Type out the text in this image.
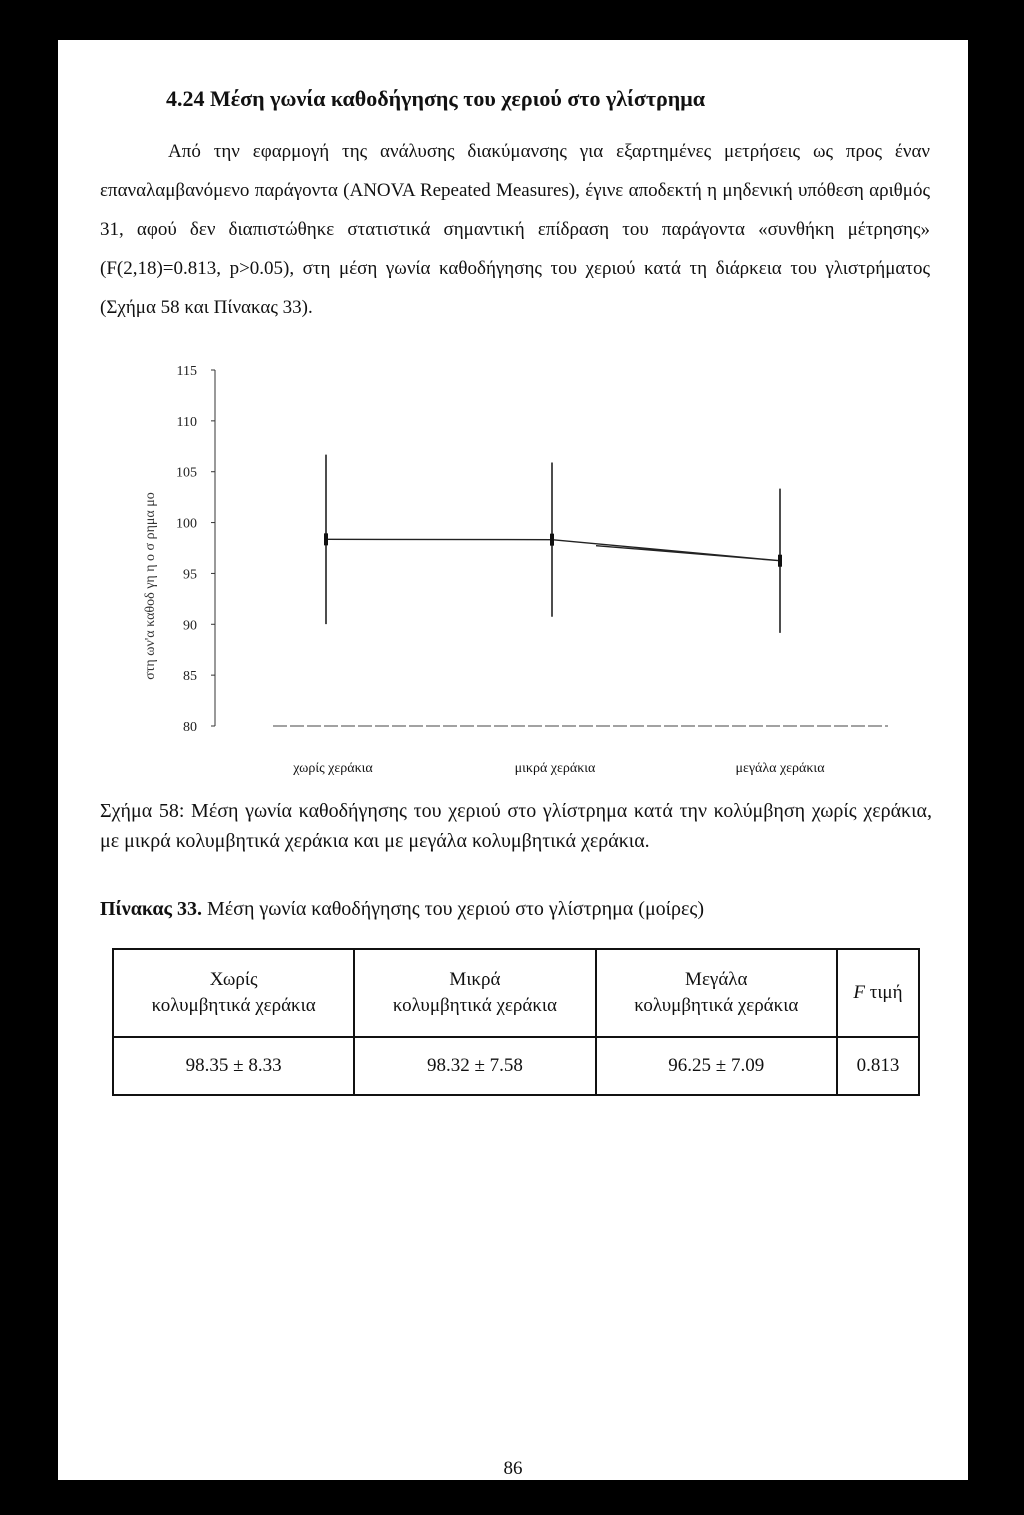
4.24 Μέση γωνία καθοδήγησης του χεριού στο γλίστρημα

Από την εφαρμογή της ανάλυσης διακύμανσης για εξαρτημένες μετρήσεις ως προς έναν επαναλαμβανόμενο παράγοντα (ANOVA Repeated Measures), έγινε αποδεκτή η μηδενική υπόθεση αριθμός 31, αφού δεν διαπιστώθηκε στατιστικά σημαντική επίδραση του παράγοντα «συνθήκη μέτρησης» (F(2,18)=0.813, p>0.05), στη μέση γωνία καθοδήγησης του χεριού κατά τη διάρκεια του γλιστρήματος (Σχήμα 58 και Πίνακας 33).

115
110
105
100
95
90
85
80
στη ων'α καθοδ γη η ο σ ρημα μο
χωρίς χεράκια	μικρά χεράκια	μεγάλα χεράκια
Σχήμα 58: Μέση γωνία καθοδήγησης του χεριού στο γλίστρημα κατά την κολύμβηση χωρίς χεράκια, με μικρά κολυμβητικά χεράκια και με μεγάλα κολυμβητικά χεράκια.
Πίνακας 33. Μέση γωνία καθοδήγησης του χεριού στο γλίστρημα (μοίρες)
Χωρίς
κολυμβητικά χεράκια	Μικρά
κολυμβητικά χεράκια	Μεγάλα
κολυμβητικά χεράκια	F τιμή
98.35 ± 8.33	98.32 ± 7.58	96.25 ± 7.09	0.813
86
